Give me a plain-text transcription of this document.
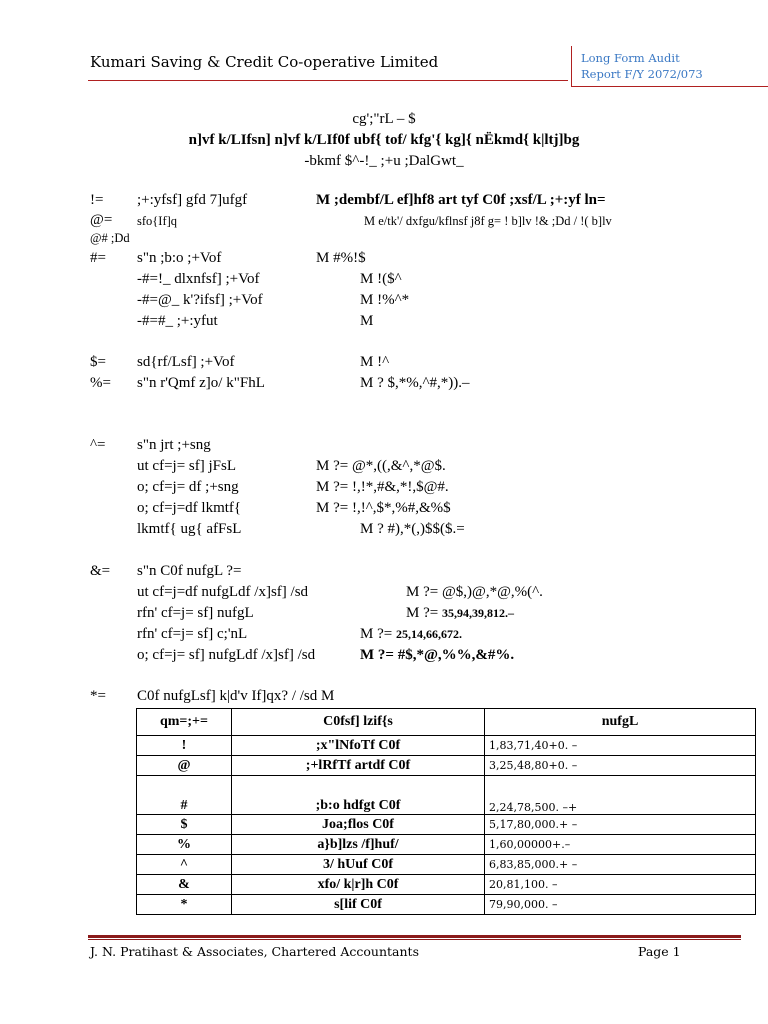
Kumari Saving & Credit Co-operative Limited	Long Form Audit
Report F/Y 2072/073
cg';"rL – $
n]vf k/LIfsn] n]vf k/LIf0f ubf{ tof/ kfg'{ kg]{ nËkmd{ k|ltj]bg
-bkmf $^-!_ ;+u ;DalGwt_
!= ;+:yfsf] gfd 7]ufgf	M ;dembf/L ef]hf8 art tyf C0f ;xsf/L ;+:yf ln=
@= sfo{If]q	M e/tk'/ dxfgu/kflnsf j8f g= ! b]lv !& ;Dd / !( b]lv
@# ;Dd
#= s"n ;b:o ;+Vof	M #%!$
-#=!_ dlxnfsf] ;+Vof	M !($^
-#=@_ k'?ifsf] ;+Vof	M !%^*
-#=#_ ;+:yfut	M
$= sd{rf/Lsf] ;+Vof	M !^
%= s"n r'Qmf z]o/ k"FhL	M ? $,*%,^#,*)).–
^= s"n jrt ;+sng
ut cf=j= sf] jFsL	M ?= @*,((,&^,*@$.
o; cf=j= df ;+sng	M ?= !,!*,#&,*!,$@#.
o; cf=j=df lkmtf{	M ?= !,!^,$*,%#,&%$
lkmtf{ ug{ afFsL	M ? #),*(,)$$($.=
&= s"n C0f nufgL ?=
ut cf=j=df nufgLdf /x]sf] /sd	M ?= @$,)@,*@,%(^.
rfn' cf=j= sf] nufgL	M ?= 35,94,39,812.–
rfn' cf=j= sf] c;'nL	M ?= 25,14,66,672.
o; cf=j= sf] nufgLdf /x]sf] /sd	M ?= #$,*@,%%,&#%.
*= C0f nufgLsf] k|d'v If]qx? / /sd M
qm=;+=	C0fsf] lzif{s	nufgL
!	;x"lNfoTf C0f	1,83,71,40+0. –
@	;+lRfTf artdf C0f	3,25,48,80+0. –
#	;b:o hdfgt C0f	2,24,78,500. –+
$	Joa;flos C0f	5,17,80,000.+ –
%	a}b]lzs /f]huf/	1,60,00000+.–
^	3/ hUuf C0f	6,83,85,000.+ –
&	xfo/ k|r]h C0f	20,81,100. –
*	s[lif C0f	79,90,000. –
J. N. Pratihast & Associates, Chartered Accountants	Page 1
